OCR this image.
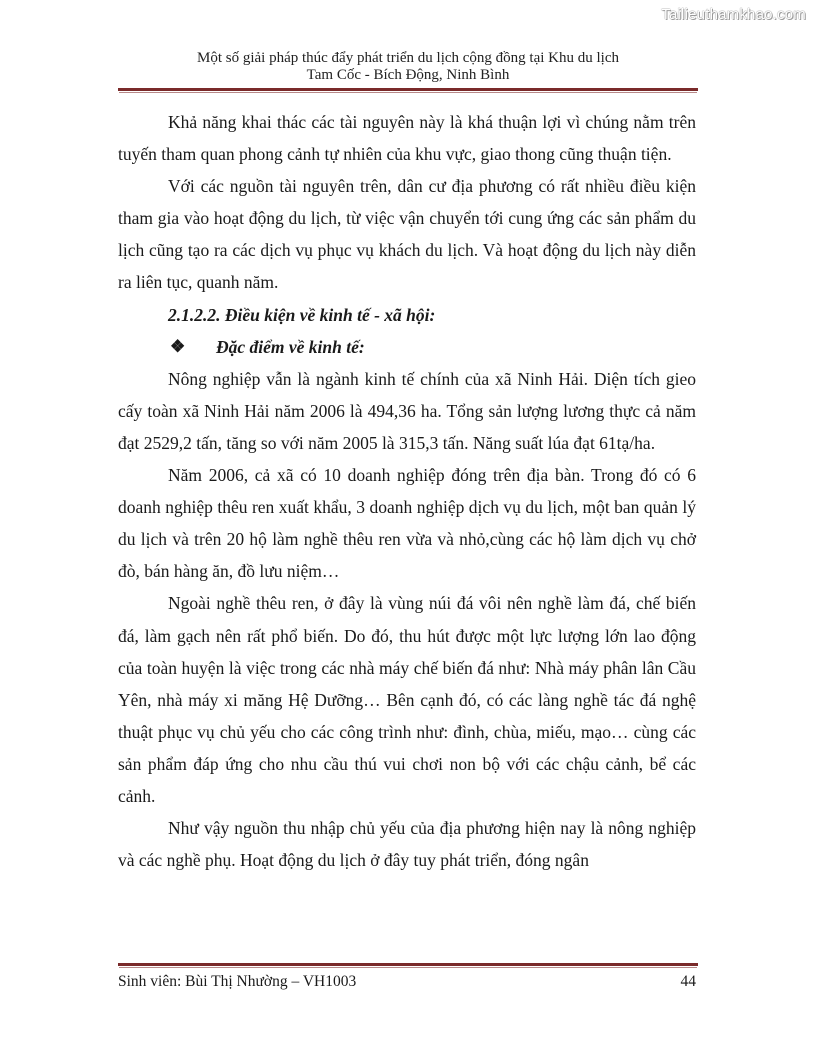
Tailieuthamkhao.com
Một số giải pháp thúc đẩy phát triển du lịch cộng đồng tại Khu du lịch
Tam Cốc - Bích Động, Ninh Bình

Khả năng khai thác các tài nguyên này là khá thuận lợi vì chúng nằm trên tuyến tham quan phong cảnh tự nhiên của khu vực, giao thong cũng thuận tiện.

Với các nguồn tài nguyên trên, dân cư địa phương có rất nhiều điều kiện tham gia vào hoạt động du lịch, từ việc vận chuyển tới cung ứng các sản phẩm du lịch cũng tạo ra các dịch vụ phục vụ khách du lịch. Và hoạt động du lịch này diễn ra liên tục, quanh năm.

2.1.2.2. Điều kiện về kinh tế - xã hội:

❖	Đặc điểm về kinh tế:

Nông nghiệp vẫn là ngành kinh tế chính của xã Ninh Hải. Diện tích gieo cấy toàn xã Ninh Hải năm 2006 là 494,36 ha. Tổng sản lượng lương thực cả năm đạt 2529,2 tấn, tăng so với năm 2005 là 315,3 tấn. Năng suất lúa đạt 61tạ/ha.

Năm 2006, cả xã có 10 doanh nghiệp đóng trên địa bàn. Trong đó có 6 doanh nghiệp thêu ren xuất khẩu, 3 doanh nghiệp dịch vụ du lịch, một ban quản lý du lịch và trên 20 hộ làm nghề thêu ren vừa và nhỏ,cùng các hộ làm dịch vụ chở đò, bán hàng ăn, đồ lưu niệm…

Ngoài nghề thêu ren, ở đây là vùng núi đá vôi nên nghề làm đá, chế biến đá, làm gạch nên rất phổ biến. Do đó, thu hút được một lực lượng lớn lao động của toàn huyện là việc trong các nhà máy chế biến đá như: Nhà máy phân lân Cầu Yên, nhà máy xi măng Hệ Dưỡng… Bên cạnh đó, có các làng nghề tác đá nghệ thuật phục vụ chủ yếu cho các công trình như: đình, chùa, miếu, mạo… cùng các sản phẩm đáp ứng cho nhu cầu thú vui chơi non bộ với các chậu cảnh, bể các cảnh.

Như vậy nguồn thu nhập chủ yếu của địa phương hiện nay là nông nghiệp và các nghề phụ. Hoạt động du lịch ở đây tuy phát triển, đóng ngân

Sinh viên: Bùi Thị Nhường – VH1003	44
